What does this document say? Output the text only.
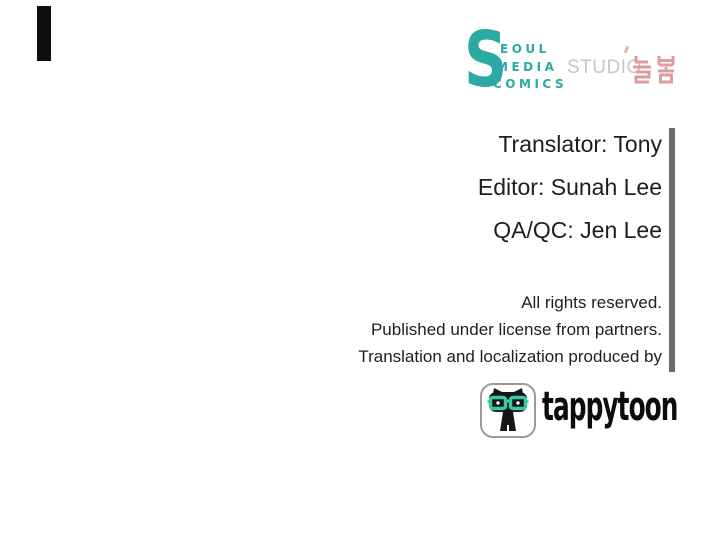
S
EOUL
MEDIA
COMICS
STUDIO
Translator: Tony
Editor: Sunah Lee
QA/QC: Jen Lee
All rights reserved.
Published under license from partners.
Translation and localization produced by
tappytoon
